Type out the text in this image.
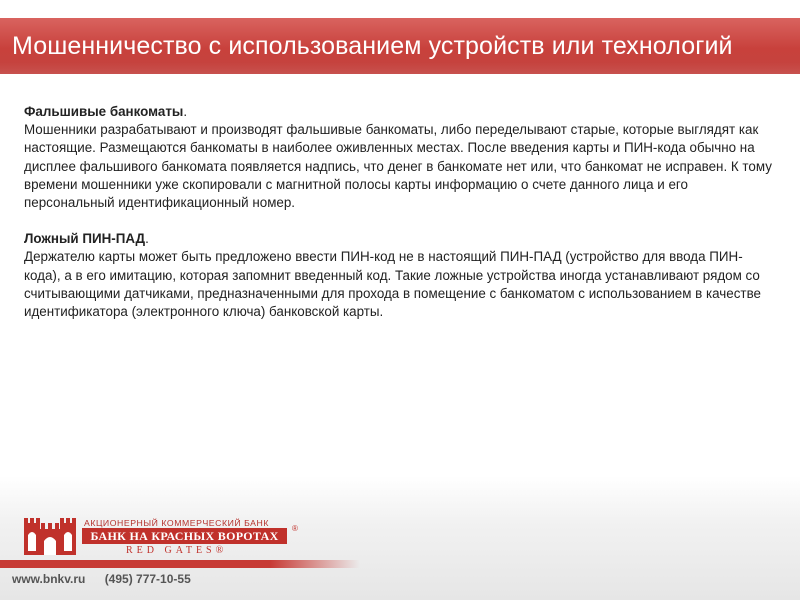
Мошенничество с использованием устройств или технологий
Фальшивые банкоматы.
Мошенники разрабатывают и производят фальшивые банкоматы, либо переделывают старые, которые выглядят как настоящие. Размещаются банкоматы в наиболее оживленных местах. После введения карты и ПИН-кода обычно на дисплее фальшивого банкомата появляется надпись, что денег в банкомате нет или, что банкомат не исправен. К тому времени мошенники уже скопировали с магнитной полосы карты информацию о счете данного лица и его персональный идентификационный номер.
Ложный ПИН-ПАД.
Держателю карты может быть предложено ввести ПИН-код не в настоящий ПИН-ПАД (устройство для ввода ПИН-кода), а в его имитацию, которая запомнит введенный код. Такие ложные устройства иногда устанавливают рядом со считывающими датчиками, предназначенными для прохода в помещение с банкоматом с использованием в качестве идентификатора (электронного ключа) банковской карты.
АКЦИОНЕРНЫЙ КОММЕРЧЕСКИЙ БАНК
БАНК НА КРАСНЫХ ВОРОТАХ
®
RED GATES®
www.bnkv.ru (495) 777-10-55
